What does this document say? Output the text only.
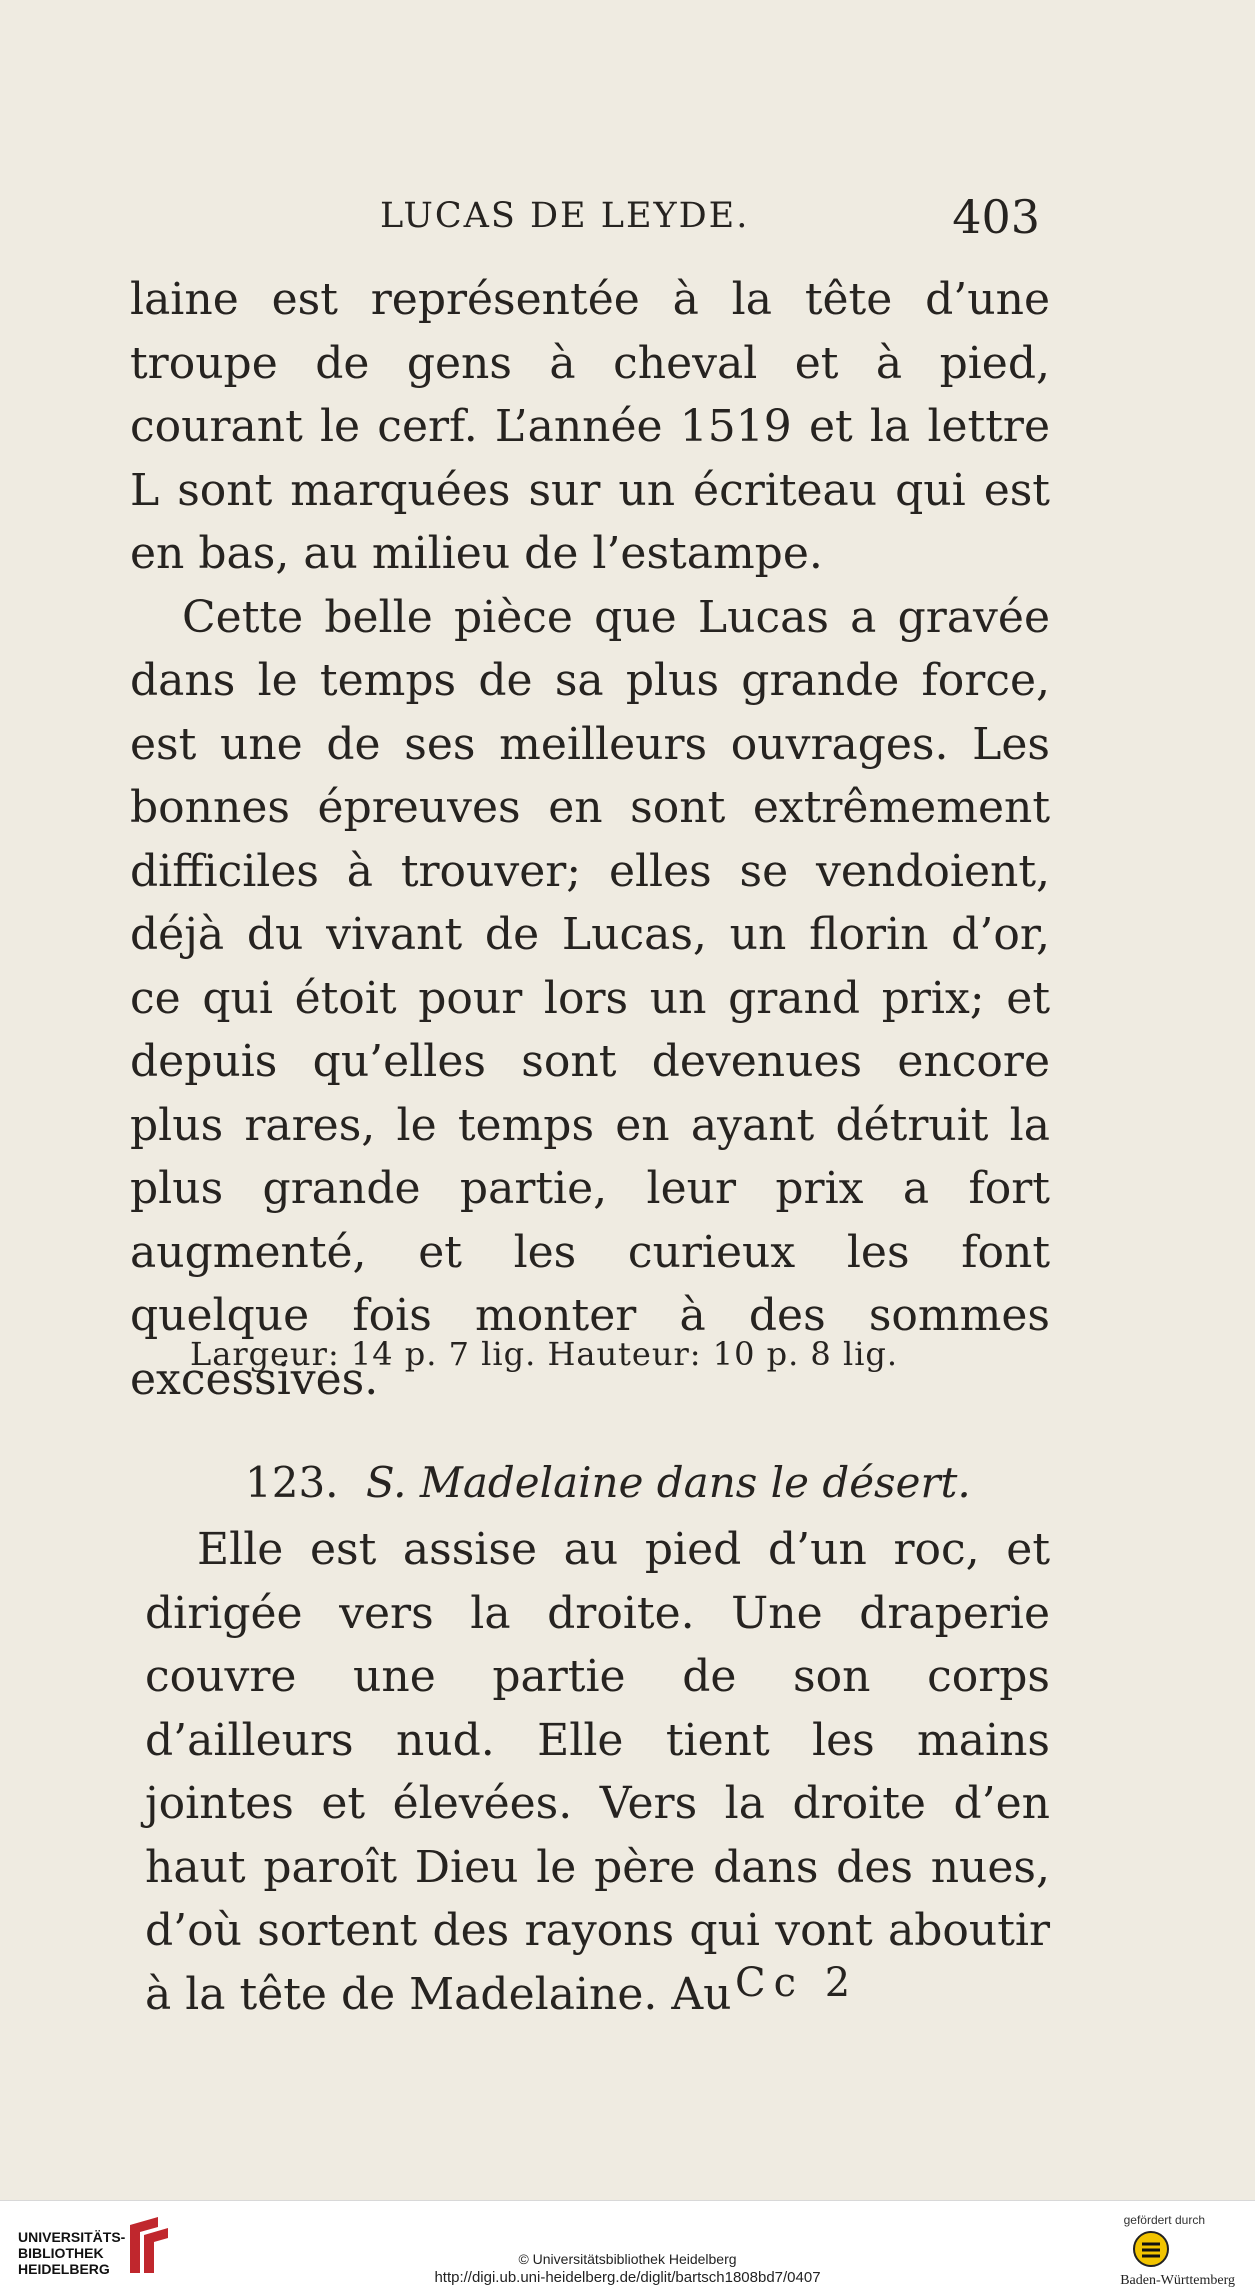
LUCAS DE LEYDE.	403

laine est représentée à la tête d’une troupe de gens à cheval et à pied, courant le cerf. L’année 1519 et la lettre L sont marquées sur un écriteau qui est en bas, au milieu de l’estampe.

Cette belle pièce que Lucas a gravée dans le temps de sa plus grande force, est une de ses meilleurs ouvrages. Les bonnes épreuves en sont extrêmement difficiles à trouver; elles se vendoient, déjà du vivant de Lucas, un florin d’or, ce qui étoit pour lors un grand prix; et depuis qu’elles sont devenues encore plus rares, le temps en ayant détruit la plus grande partie, leur prix a fort augmenté, et les curieux les font quelque fois monter à des sommes excessives.

Largeur: 14 p. 7 lig. Hauteur: 10 p. 8 lig.
123. S. Madelaine dans le désert.

Elle est assise au pied d’un roc, et dirigée vers la droite. Une draperie couvre une partie de son corps d’ailleurs nud. Elle tient les mains jointes et élevées. Vers la droite d’en haut paroît Dieu le père dans des nues, d’où sortent des rayons qui vont aboutir à la tête de Madelaine. Au Cc 2
UNIVERSITÄTS-
BIBLIOTHEK
HEIDELBERG
© Universitätsbibliothek Heidelberg
http://digi.ub.uni-heidelberg.de/diglit/bartsch1808bd7/0407
gefördert durch
Baden-Württemberg
